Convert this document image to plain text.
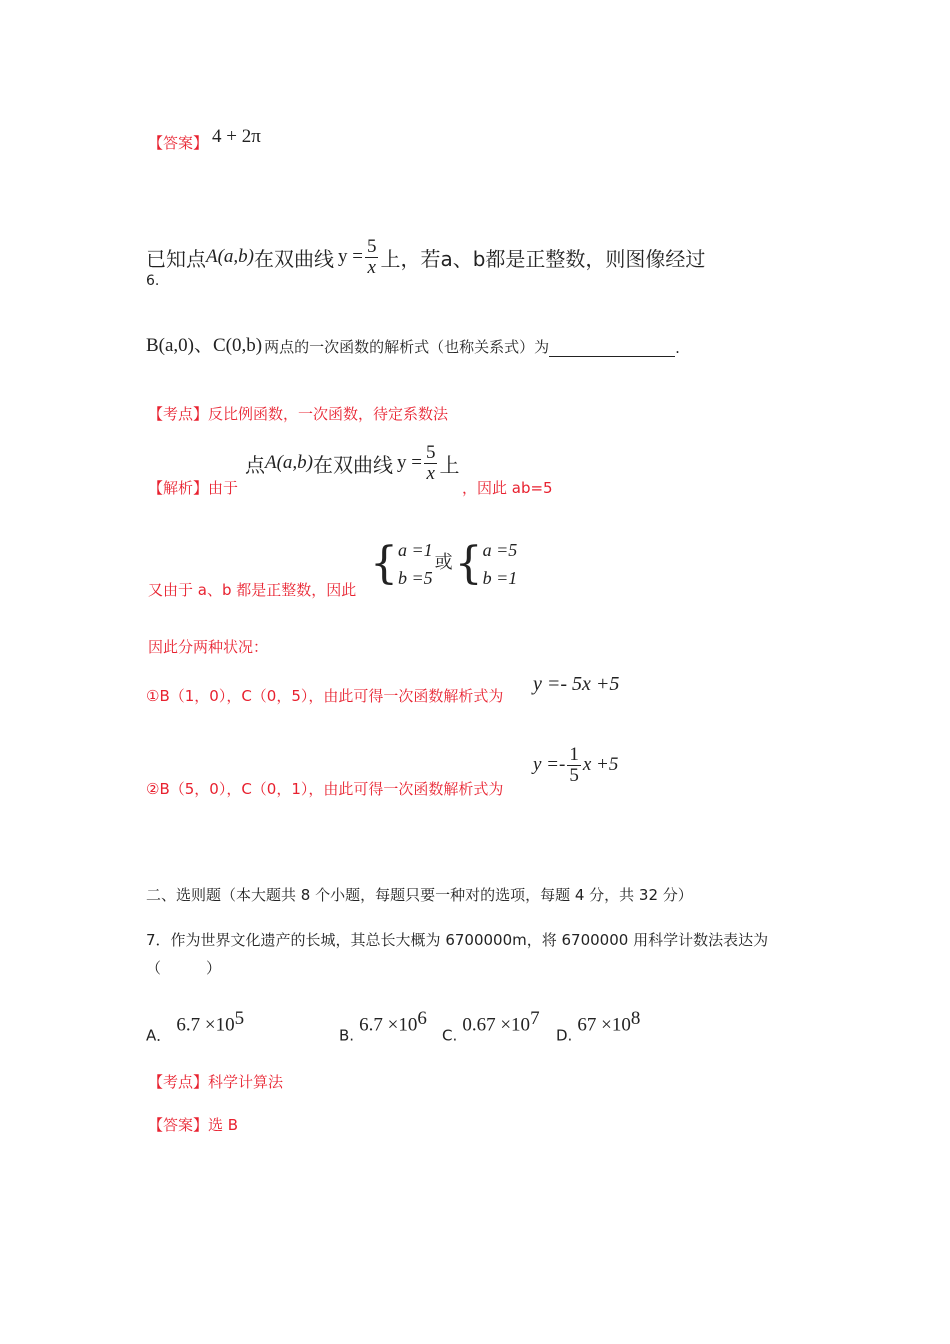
【答案】 4 + 2π
已知点 A(a,b) 在双曲线 $y = \frac{5}{x}$ 上，若a、b都是正整数，则图像经过
6.
B(a,0)、C(0,b) 两点的一次函数的解析式（也称关系式）为	.
【考点】反比例函数，一次函数，待定系数法
【解析】由于
点 A(a,b) 在双曲线 $y = \frac{5}{x}$ 上
，因此 ab=5
又由于 a、b 都是正整数，因此
{ a =1
b =5
或 { a =5
b =1
因此分两种状况：
①B（1，0），C（0，5），由此可得一次函数解析式为
y =- 5x +5
②B（5，0），C（0，1），由此可得一次函数解析式为
$y =- \frac{1}{5}$ x +5
二、选则题（本大题共 8 个小题，每题只要一种对的选项，每题 4 分，共 32 分）
7．作为世界文化遗产的长城，其总长大概为 6700000m，将 6700000 用科学计数法表达为
（　　　）
A． $6.7 \times 10^5$
B. $6.7 \times 10^6$
C. $0.67 \times 10^7$
D. $67 \times 10^8$
【考点】科学计算法
【答案】选 B
